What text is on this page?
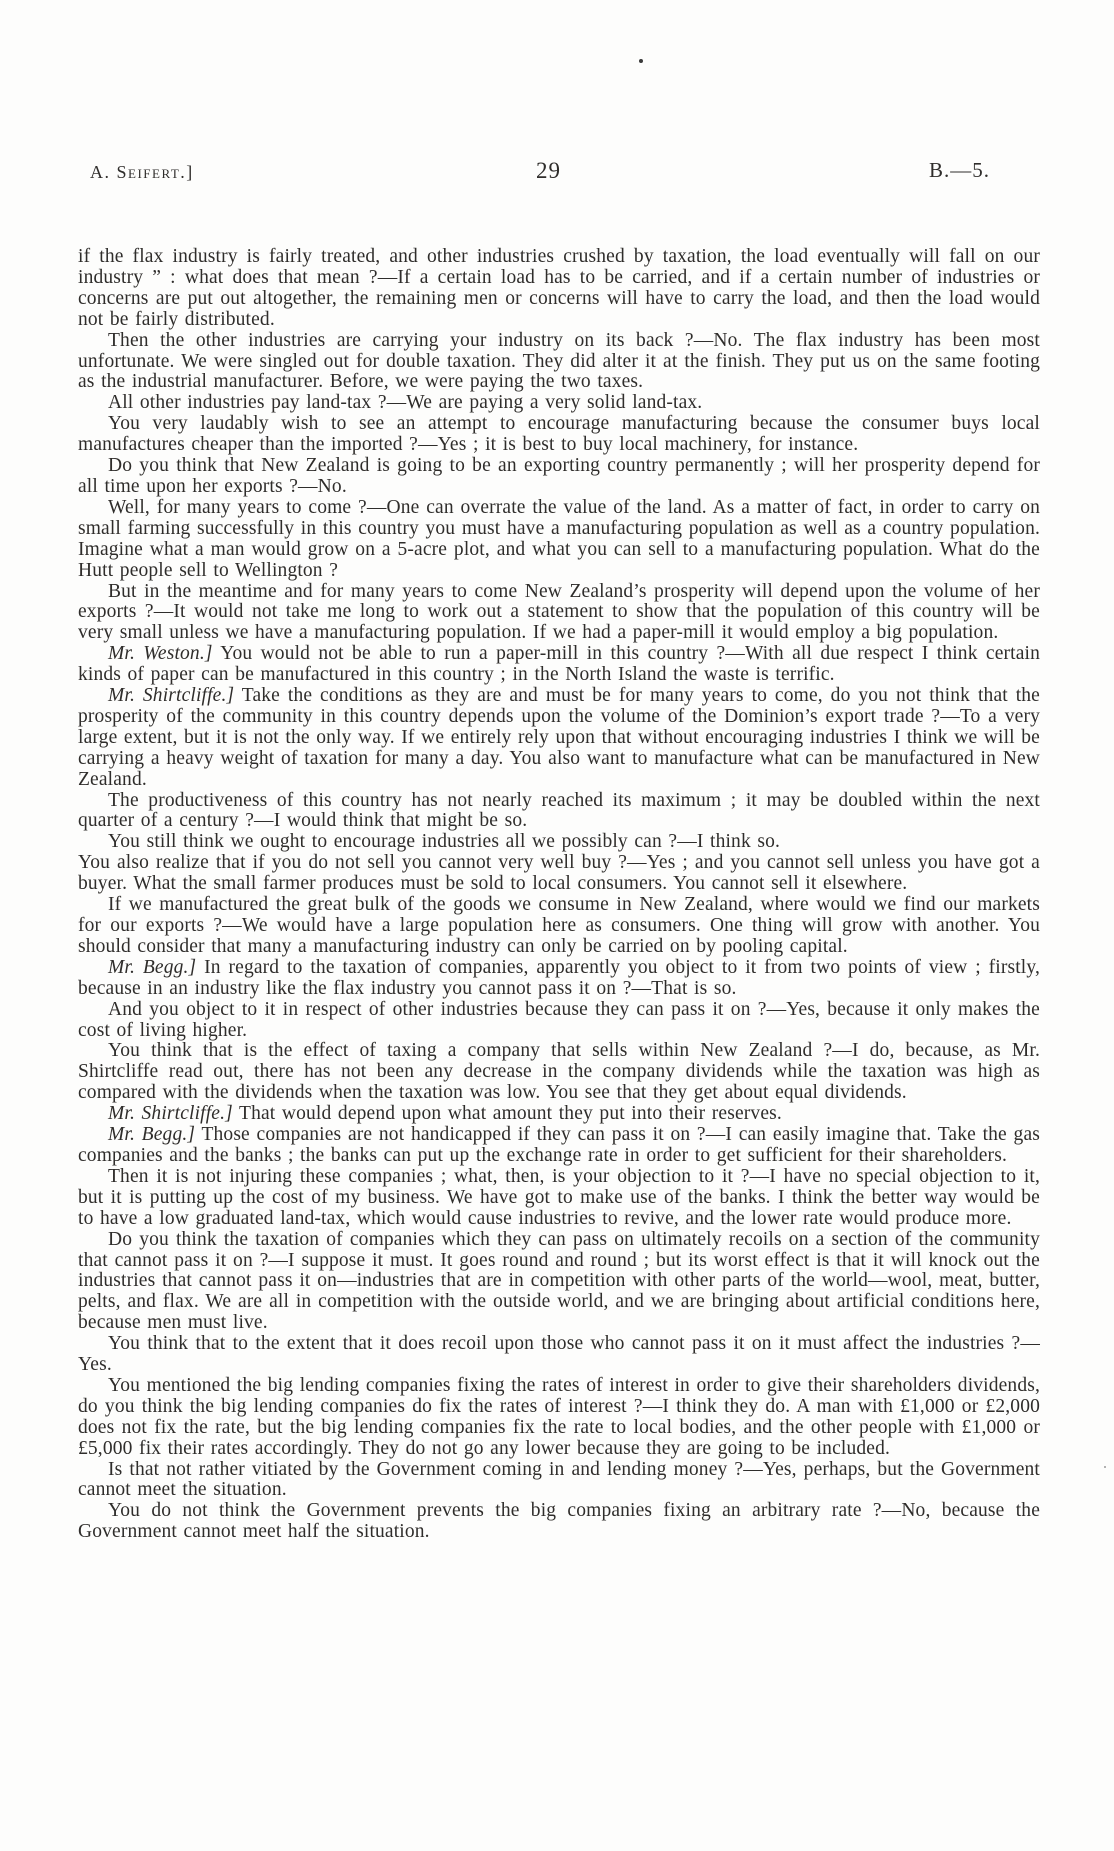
A. Seifert.]	29	B.—5.

if the flax industry is fairly treated, and other industries crushed by taxation, the load eventually will fall on our industry ” : what does that mean ?—If a certain load has to be carried, and if a certain number of industries or concerns are put out altogether, the remaining men or concerns will have to carry the load, and then the load would not be fairly distributed.

Then the other industries are carrying your industry on its back ?—No. The flax industry has been most unfortunate. We were singled out for double taxation. They did alter it at the finish. They put us on the same footing as the industrial manufacturer. Before, we were paying the two taxes.

All other industries pay land-tax ?—We are paying a very solid land-tax.

You very laudably wish to see an attempt to encourage manufacturing because the consumer buys local manufactures cheaper than the imported ?—Yes ; it is best to buy local machinery, for instance.

Do you think that New Zealand is going to be an exporting country permanently ; will her prosperity depend for all time upon her exports ?—No.

Well, for many years to come ?—One can overrate the value of the land. As a matter of fact, in order to carry on small farming successfully in this country you must have a manufacturing population as well as a country population. Imagine what a man would grow on a 5-acre plot, and what you can sell to a manufacturing population. What do the Hutt people sell to Wellington ?

But in the meantime and for many years to come New Zealand’s prosperity will depend upon the volume of her exports ?—It would not take me long to work out a statement to show that the population of this country will be very small unless we have a manufacturing population. If we had a paper-mill it would employ a big population.

Mr. Weston.] You would not be able to run a paper-mill in this country ?—With all due respect I think certain kinds of paper can be manufactured in this country ; in the North Island the waste is terrific.

Mr. Shirtcliffe.] Take the conditions as they are and must be for many years to come, do you not think that the prosperity of the community in this country depends upon the volume of the Dominion’s export trade ?—To a very large extent, but it is not the only way. If we entirely rely upon that without encouraging industries I think we will be carrying a heavy weight of taxation for many a day. You also want to manufacture what can be manufactured in New Zealand.

The productiveness of this country has not nearly reached its maximum ; it may be doubled within the next quarter of a century ?—I would think that might be so.

You still think we ought to encourage industries all we possibly can ?—I think so.

You also realize that if you do not sell you cannot very well buy ?—Yes ; and you cannot sell unless you have got a buyer. What the small farmer produces must be sold to local consumers. You cannot sell it elsewhere.

If we manufactured the great bulk of the goods we consume in New Zealand, where would we find our markets for our exports ?—We would have a large population here as consumers. One thing will grow with another. You should consider that many a manufacturing industry can only be carried on by pooling capital.

Mr. Begg.] In regard to the taxation of companies, apparently you object to it from two points of view ; firstly, because in an industry like the flax industry you cannot pass it on ?—That is so.

And you object to it in respect of other industries because they can pass it on ?—Yes, because it only makes the cost of living higher.

You think that is the effect of taxing a company that sells within New Zealand ?—I do, because, as Mr. Shirtcliffe read out, there has not been any decrease in the company dividends while the taxation was high as compared with the dividends when the taxation was low. You see that they get about equal dividends.

Mr. Shirtcliffe.] That would depend upon what amount they put into their reserves.

Mr. Begg.] Those companies are not handicapped if they can pass it on ?—I can easily imagine that. Take the gas companies and the banks ; the banks can put up the exchange rate in order to get sufficient for their shareholders.

Then it is not injuring these companies ; what, then, is your objection to it ?—I have no special objection to it, but it is putting up the cost of my business. We have got to make use of the banks. I think the better way would be to have a low graduated land-tax, which would cause industries to revive, and the lower rate would produce more.

Do you think the taxation of companies which they can pass on ultimately recoils on a section of the community that cannot pass it on ?—I suppose it must. It goes round and round ; but its worst effect is that it will knock out the industries that cannot pass it on—industries that are in competition with other parts of the world—wool, meat, butter, pelts, and flax. We are all in competition with the outside world, and we are bringing about artificial conditions here, because men must live.

You think that to the extent that it does recoil upon those who cannot pass it on it must affect the industries ?—Yes.

You mentioned the big lending companies fixing the rates of interest in order to give their shareholders dividends, do you think the big lending companies do fix the rates of interest ?—I think they do. A man with £1,000 or £2,000 does not fix the rate, but the big lending companies fix the rate to local bodies, and the other people with £1,000 or £5,000 fix their rates accordingly. They do not go any lower because they are going to be included.

Is that not rather vitiated by the Government coming in and lending money ?—Yes, perhaps, but the Government cannot meet the situation.

You do not think the Government prevents the big companies fixing an arbitrary rate ?—No, because the Government cannot meet half the situation.
